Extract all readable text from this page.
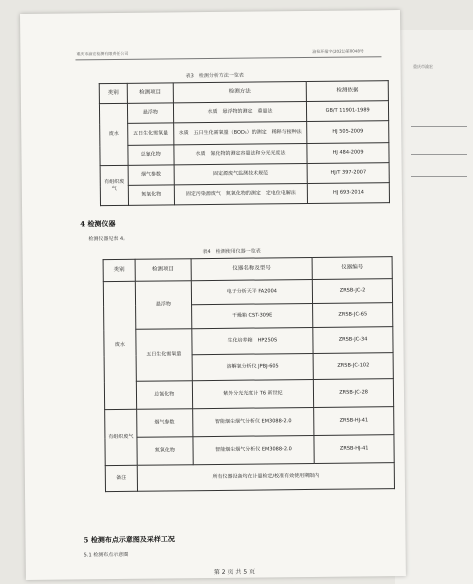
重庆市渝宏
重庆市渝宏检测有限责任公司	渝检环报字(2021)第0048号
表3　检测分析方法一览表
类别	检测项目	检测方法	检测依据
废水	悬浮物	水质　悬浮物的测定　重量法	GB/T 11901-1989
	五日生化需氧量	水质　五日生化需氧量（BOD₅）的测定　稀释与接种法	HJ 505-2009
	总氰化物	水质　氰化物的测定容量法和分光光度法	HJ 484-2009
有组织废气	烟气参数	固定源废气监测技术规范	HJ/T 397-2007
	氮氧化物	固定污染源废气　氮氧化物的测定　定电位电解法	HJ 693-2014
4 检测仪器
检测仪器见表 4。
表4　检测使用仪器一览表
类别	检测项目	仪器名称及型号	仪器编号
废水	悬浮物	电子分析天平 FA2004	ZRSB-JC-2
		干燥箱 CST-309E	ZRSB-JC-65
	五日生化需氧量	生化培养箱　HP250S	ZRSB-JC-34
		溶解氧分析仪 JPBJ-605	ZRSB-JC-102
	总氰化物	紫外分光光度计 T6 新世纪	ZRSB-JC-28
有组织废气	烟气参数	智能烟尘烟气分析仪 EM3088-2.0	ZRSB-HJ-41
	氮氧化物	智能烟尘烟气分析仪 EM3088-2.0	ZRSB-HJ-41
备注	所有仪器设备均在计量检定/校准有效使用期限内		
5 检测布点示意图及采样工况
5.1 检测布点示意图
第 2 页 共 5 页
